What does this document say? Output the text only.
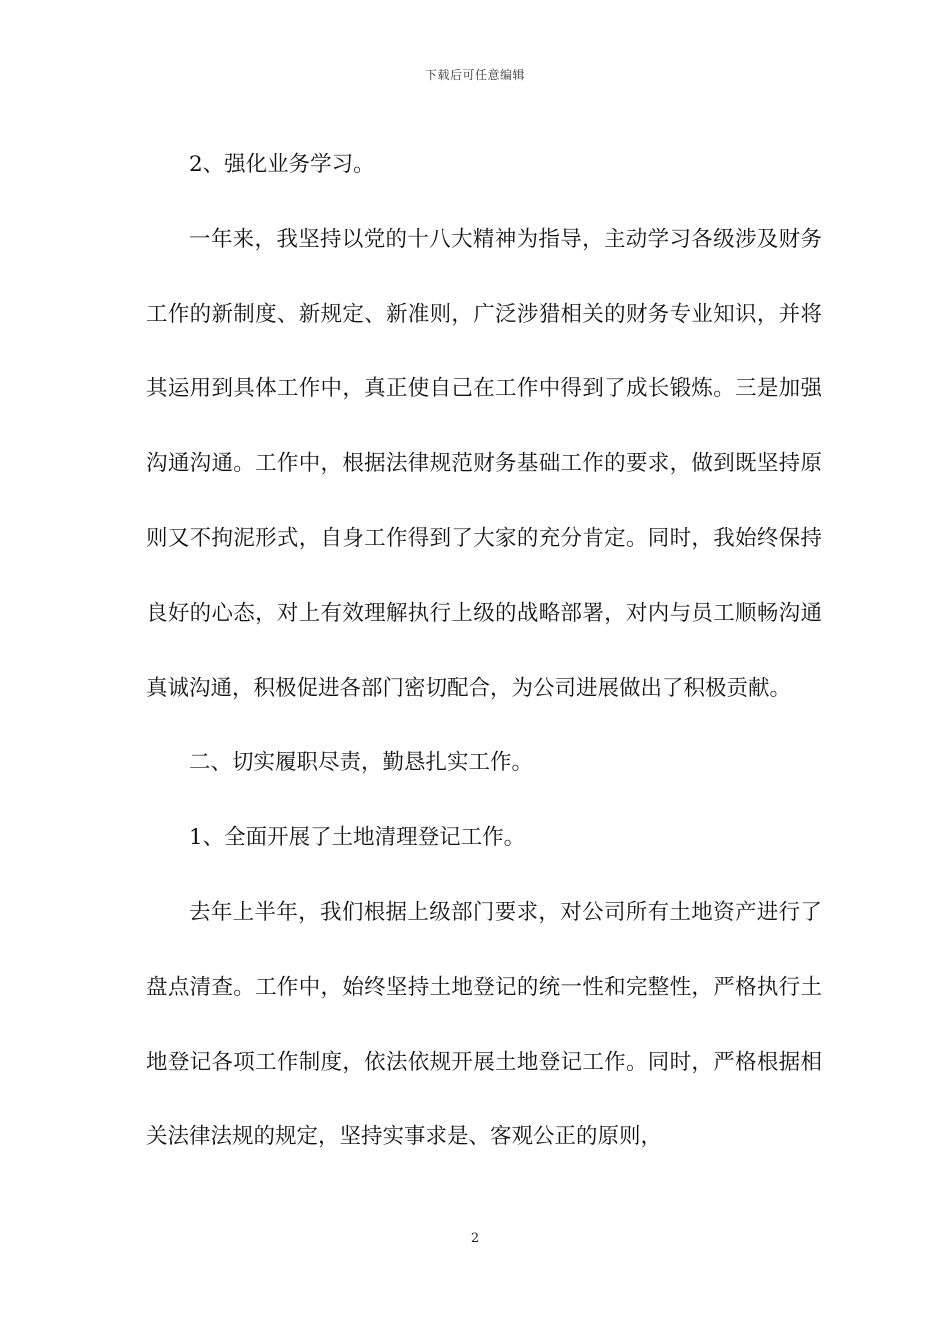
下载后可任意编辑

2、强化业务学习。

一年来，我坚持以党的十八大精神为指导，主动学习各级涉及财务工作的新制度、新规定、新准则，广泛涉猎相关的财务专业知识，并将其运用到具体工作中，真正使自己在工作中得到了成长锻炼。三是加强沟通沟通。工作中，根据法律规范财务基础工作的要求，做到既坚持原则又不拘泥形式，自身工作得到了大家的充分肯定。同时，我始终保持良好的心态，对上有效理解执行上级的战略部署，对内与员工顺畅沟通真诚沟通，积极促进各部门密切配合，为公司进展做出了积极贡献。

二、切实履职尽责，勤恳扎实工作。

1、全面开展了土地清理登记工作。

去年上半年，我们根据上级部门要求，对公司所有土地资产进行了盘点清查。工作中，始终坚持土地登记的统一性和完整性，严格执行土地登记各项工作制度，依法依规开展土地登记工作。同时，严格根据相关法律法规的规定，坚持实事求是、客观公正的原则，

2
